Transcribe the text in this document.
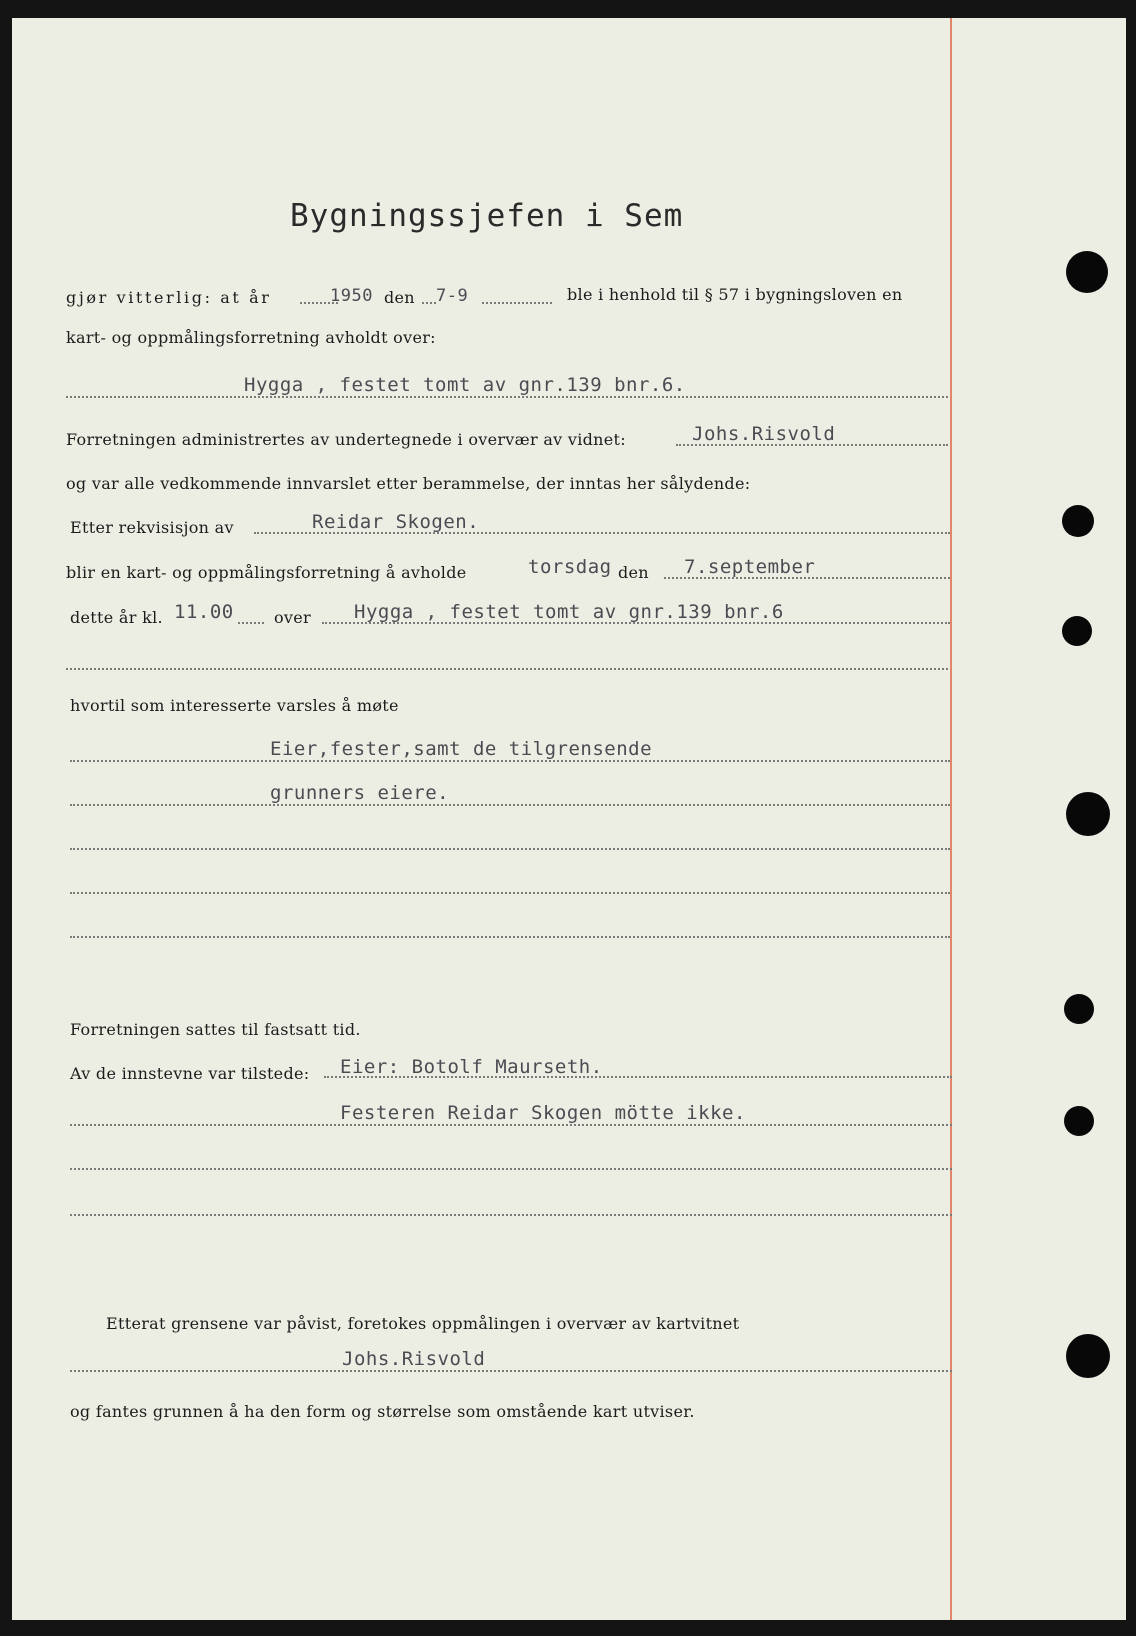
Bygningssjefen i Sem
gjør vitterlig: at år	1950 den 7-9	ble i henhold til § 57 i bygningsloven en
kart- og oppmålingsforretning avholdt over:
Hygga , festet tomt av gnr.139 bnr.6.
Forretningen administrertes av undertegnede i overvær av vidnet:	Johs.Risvold
og var alle vedkommende innvarslet etter berammelse, der inntas her sålydende:
Etter rekvisisjon av	Reidar Skogen.
blir en kart- og oppmålingsforretning å avholde	torsdag den 7.september
dette år kl. 11.00	over Hygga , festet tomt av gnr.139 bnr.6
hvortil som interesserte varsles å møte
Eier,fester,samt de tilgrensende
grunners eiere.
Forretningen sattes til fastsatt tid.
Av de innstevne var tilstede: Eier: Botolf Maurseth.
Festeren Reidar Skogen mötte ikke.
Etterat grensene var påvist, foretokes oppmålingen i overvær av kartvitnet
Johs.Risvold
og fantes grunnen å ha den form og størrelse som omstående kart utviser.
